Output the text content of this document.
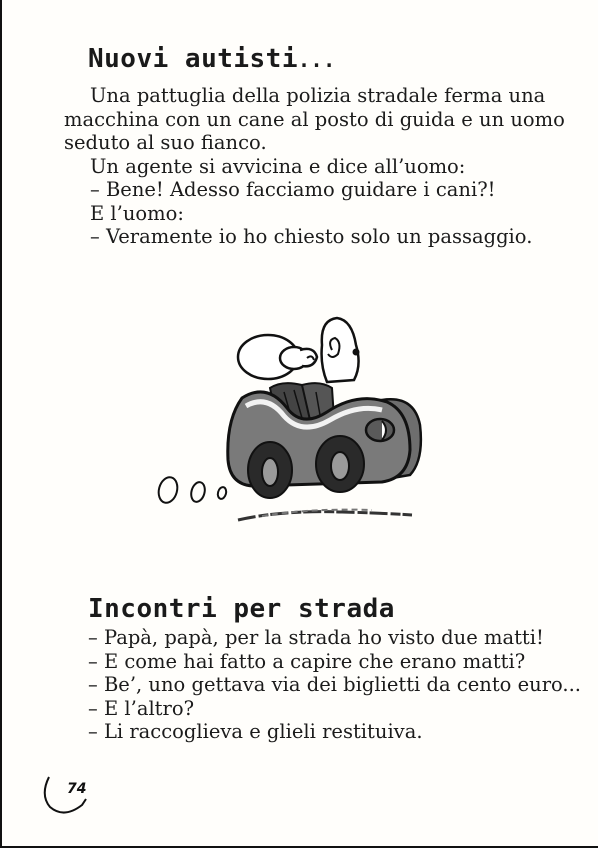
Nuovi autisti...
Una pattuglia della polizia stradale ferma una
macchina con un cane al posto di guida e un uomo
seduto al suo fianco.
Un agente si avvicina e dice all’uomo:
– Bene! Adesso facciamo guidare i cani?!
E l’uomo:
– Veramente io ho chiesto solo un passaggio.
Incontri per strada
– Papà, papà, per la strada ho visto due matti!
– E come hai fatto a capire che erano matti?
– Be’, uno gettava via dei biglietti da cento euro...
– E l’altro?
– Li raccoglieva e glieli restituiva.
74
